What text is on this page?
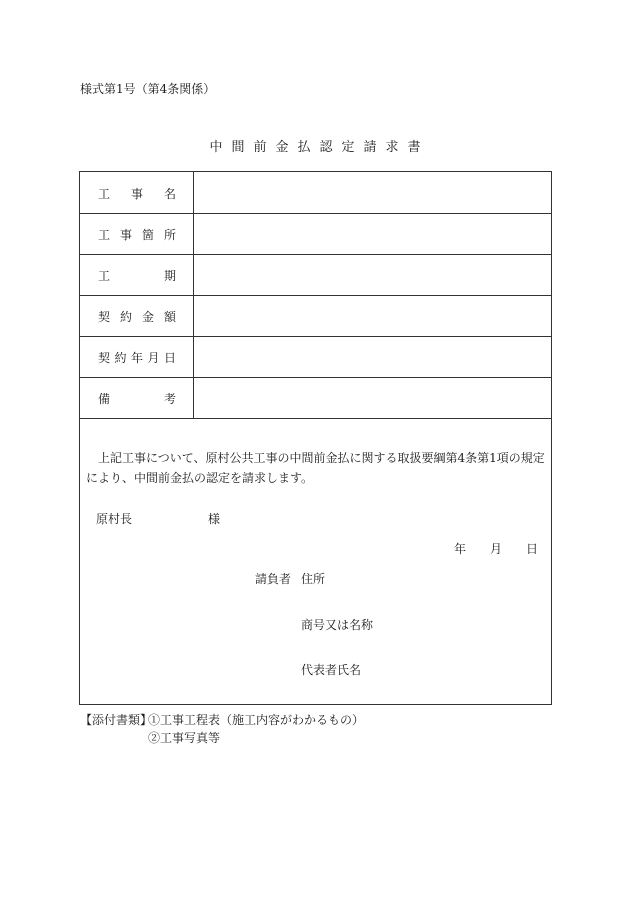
様式第1号（第4条関係）
中間前金払認定請求書
工 事 名
工 事 箇 所
工	期
契 約 金 額
契 約 年 月 日
備	考
上記工事について、原村公共工事の中間前金払に関する取扱要綱第4条第1項の規定により、中間前金払の認定を請求します。
原村長	様
年 月 日
請負者 住所
商号又は名称
代表者氏名
【添付書類】
①工事工程表（施工内容がわかるもの）
②工事写真等
